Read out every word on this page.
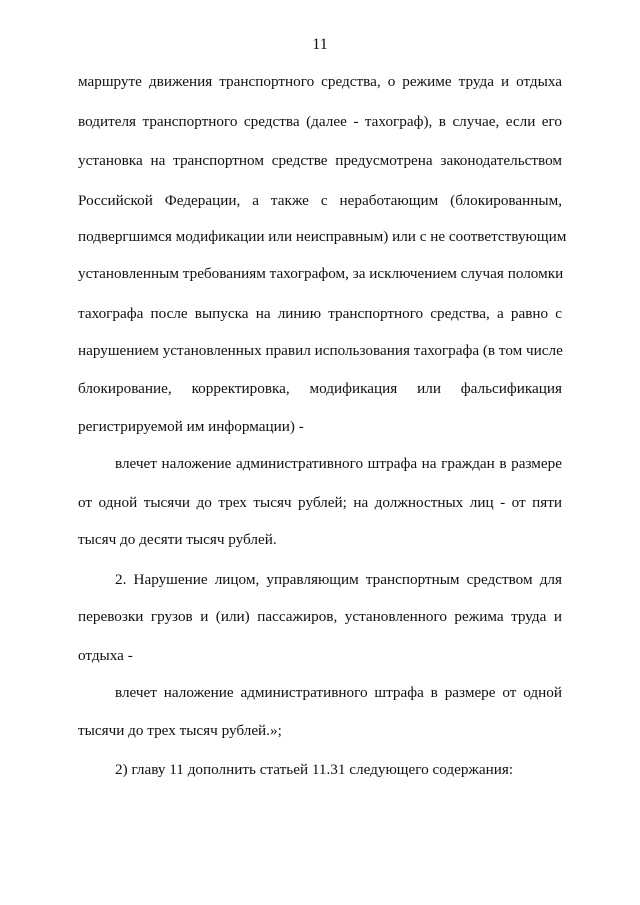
11
маршруте движения транспортного средства, о режиме труда и отдыха
водителя транспортного средства (далее - тахограф), в случае, если его
установка на транспортном средстве предусмотрена законодательством
Российской Федерации, а также с неработающим (блокированным,
подвергшимся модификации или неисправным) или с не соответствующим
установленным требованиям тахографом, за исключением случая поломки
тахографа после выпуска на линию транспортного средства, а равно с
нарушением установленных правил использования тахографа (в том числе
блокирование, корректировка, модификация или фальсификация
регистрируемой им информации) -
влечет наложение административного штрафа на граждан в размере
от одной тысячи до трех тысяч рублей; на должностных лиц - от пяти
тысяч до десяти тысяч рублей.
2. Нарушение лицом, управляющим транспортным средством для
перевозки грузов и (или) пассажиров, установленного режима труда и
отдыха -
влечет наложение административного штрафа в размере от одной
тысячи до трех тысяч рублей.»;
2) главу 11 дополнить статьей 11.31 следующего содержания:
